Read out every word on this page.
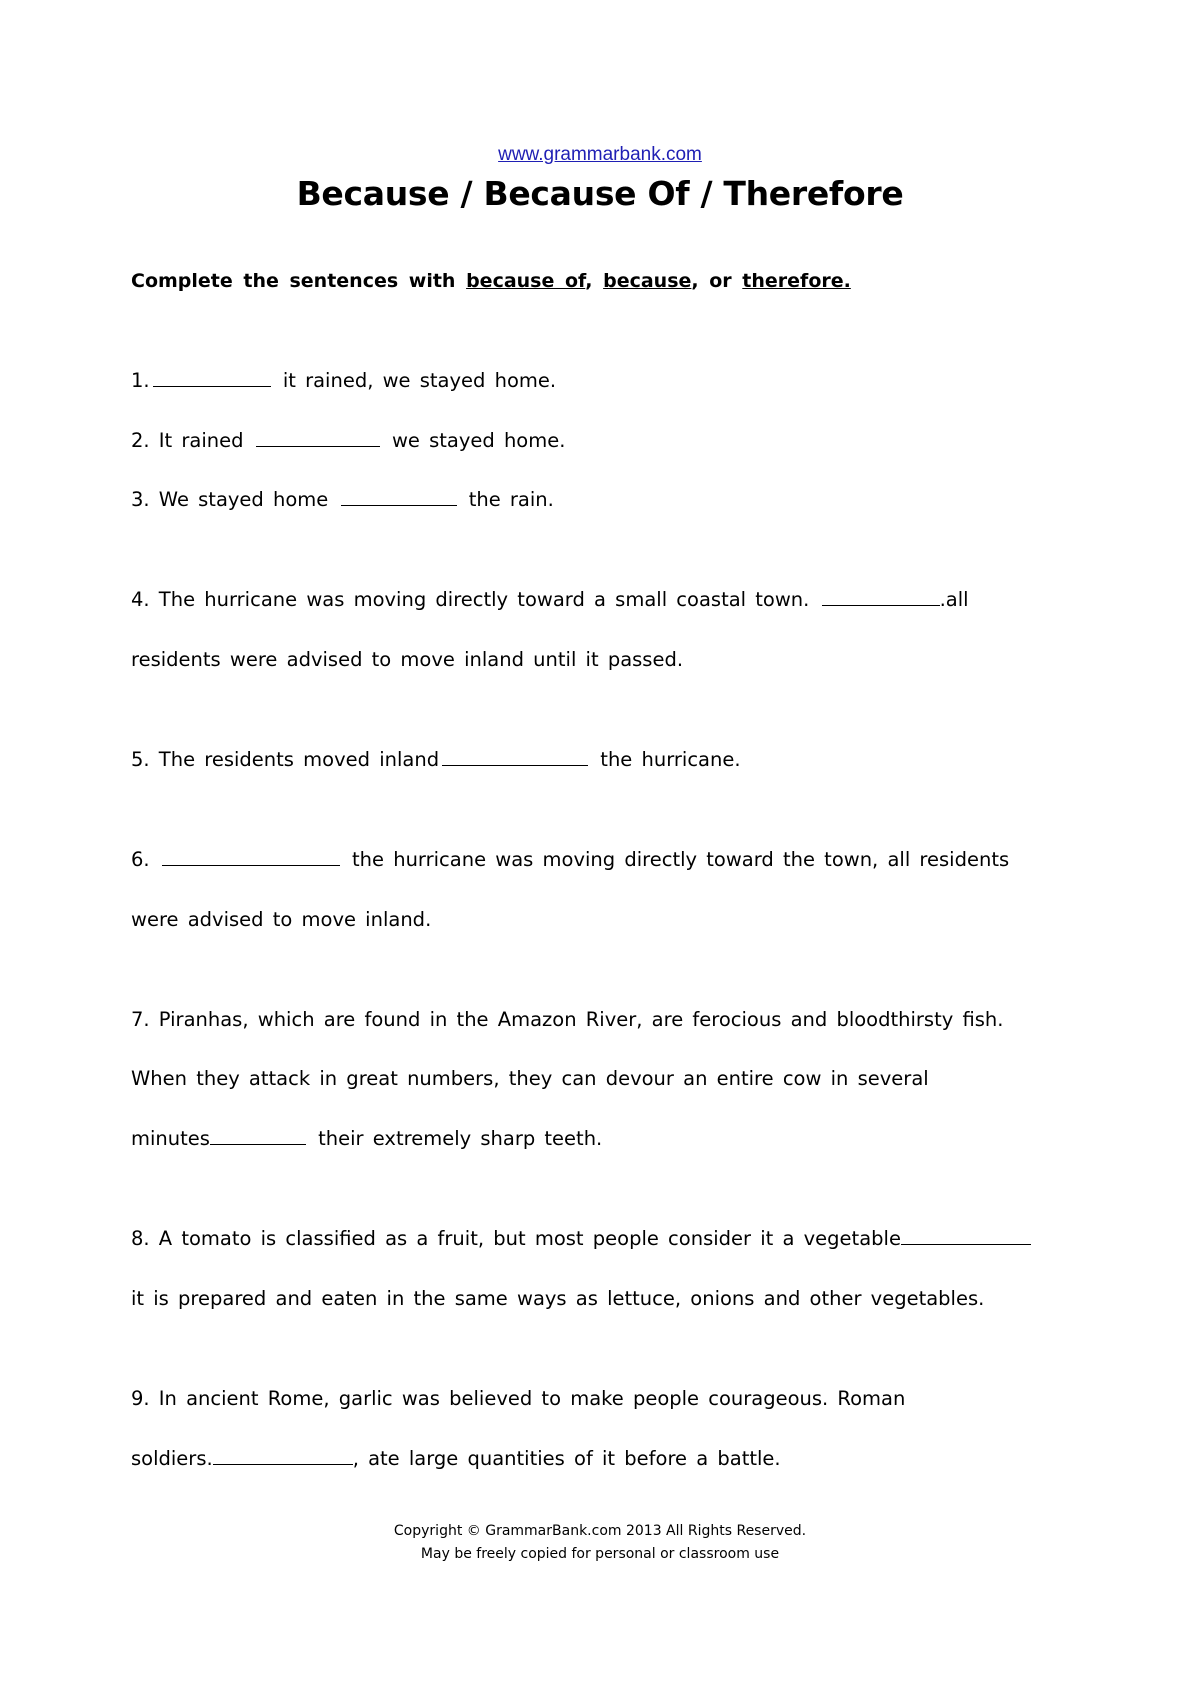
www.grammarbank.com
Because / Because Of / Therefore
Complete the sentences with because of, because, or therefore.
1.	it rained, we stayed home.
2. It rained	we stayed home.
3. We stayed home	the rain.
4. The hurricane was moving directly toward a small coastal town.	.all
residents were advised to move inland until it passed.
5. The residents moved inland	the hurricane.
6.	the hurricane was moving directly toward the town, all residents
were advised to move inland.
7. Piranhas, which are found in the Amazon River, are ferocious and bloodthirsty fish.
When they attack in great numbers, they can devour an entire cow in several
minutes	their extremely sharp teeth.
8. A tomato is classified as a fruit, but most people consider it a vegetable
it is prepared and eaten in the same ways as lettuce, onions and other vegetables.
9. In ancient Rome, garlic was believed to make people courageous. Roman
soldiers.	, ate large quantities of it before a battle.
Copyright © GrammarBank.com 2013 All Rights Reserved.
May be freely copied for personal or classroom use
